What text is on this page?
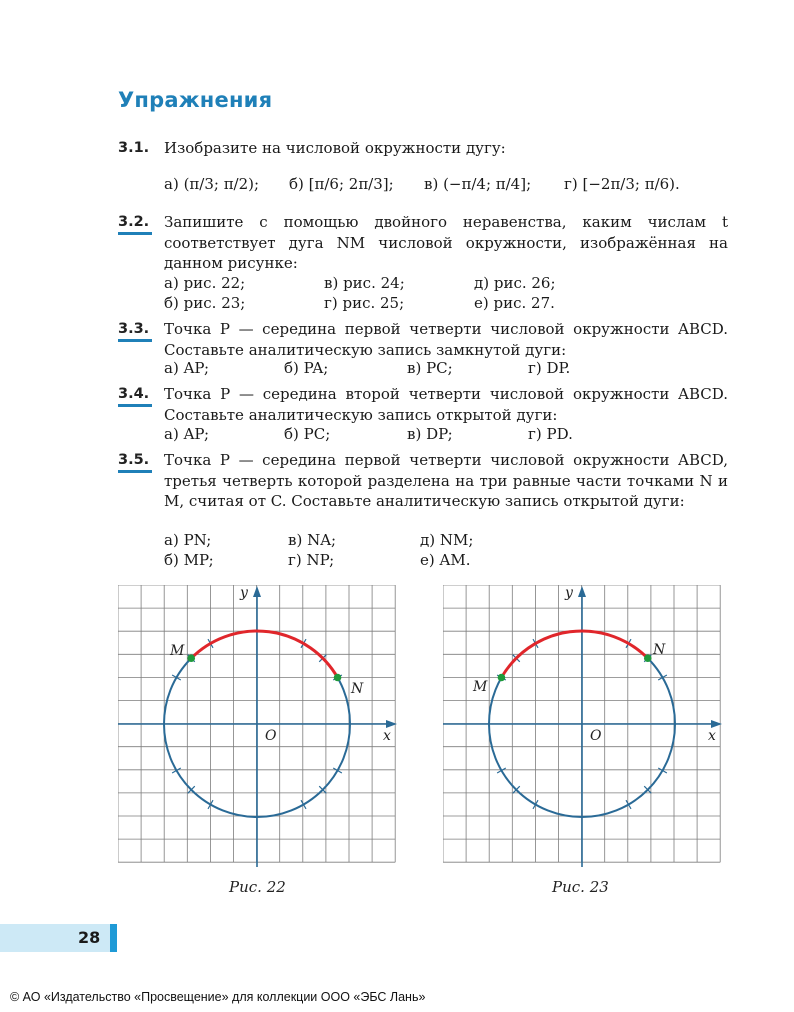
Упражнения
3.1. Изобразите на числовой окружности дугу:
а) (π/3; π/2); б) [π/6; 2π/3]; в) (−π/4; π/4]; г) [−2π/3; π/6).
3.2. Запишите с помощью двойного неравенства, каким числам t соответствует дуга NM числовой окружности, изображённая на данном рисунке:
а) рис. 22;	в) рис. 24;	д) рис. 26;
б) рис. 23;	г) рис. 25;	е) рис. 27.
3.3. Точка P — середина первой четверти числовой окружности ABCD. Составьте аналитическую запись замкнутой дуги:
а) AP;	б) PA;	в) PC;	г) DP.
3.4. Точка P — середина второй четверти числовой окружности ABCD. Составьте аналитическую запись открытой дуги:
а) AP;	б) PC;	в) DP;	г) PD.
3.5. Точка P — середина первой четверти числовой окружности ABCD, третья четверть которой разделена на три равные части точками N и M, считая от C. Составьте аналитическую запись открытой дуги:
а) PN;	в) NA;	д) NM;
б) MP;	г) NP;	е) AM.
O	x
y
M
N
O	x
y
M
N
Рис. 22	Рис. 23
28
© АО «Издательство «Просвещение» для коллекции ООО «ЭБС Лань»
